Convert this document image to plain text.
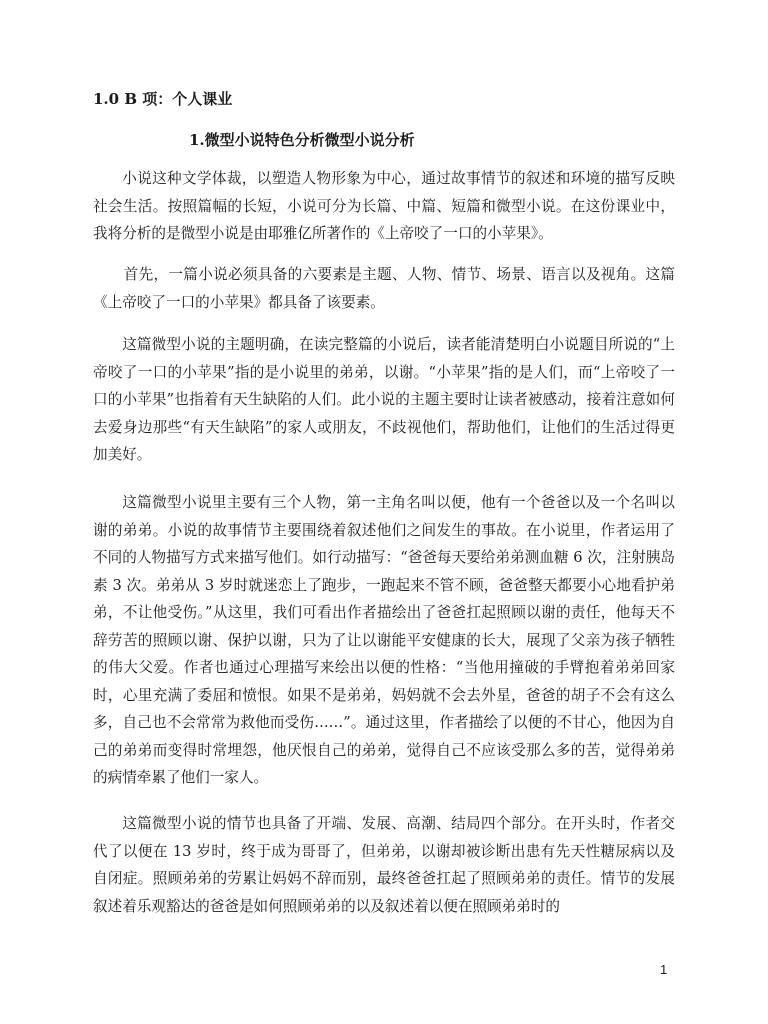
1.0 B 项：个人课业
1.微型小说特色分析微型小说分析

小说这种文学体裁，以塑造人物形象为中心，通过故事情节的叙述和环境的描写反映社会生活。按照篇幅的长短，小说可分为长篇、中篇、短篇和微型小说。在这份课业中，我将分析的是微型小说是由耶雅亿所著作的《上帝咬了一口的小苹果》。

首先，一篇小说必须具备的六要素是主题、人物、情节、场景、语言以及视角。这篇《上帝咬了一口的小苹果》都具备了该要素。

这篇微型小说的主题明确，在读完整篇的小说后，读者能清楚明白小说题目所说的“上帝咬了一口的小苹果”指的是小说里的弟弟，以谢。“小苹果”指的是人们，而“上帝咬了一口的小苹果”也指着有天生缺陷的人们。此小说的主题主要时让读者被感动，接着注意如何去爱身边那些“有天生缺陷”的家人或朋友，不歧视他们，帮助他们，让他们的生活过得更加美好。

这篇微型小说里主要有三个人物，第一主角名叫以便，他有一个爸爸以及一个名叫以谢的弟弟。小说的故事情节主要围绕着叙述他们之间发生的事故。在小说里，作者运用了不同的人物描写方式来描写他们。如行动描写：“爸爸每天要给弟弟测血糖 6 次，注射胰岛素 3 次。弟弟从 3 岁时就迷恋上了跑步，一跑起来不管不顾，爸爸整天都要小心地看护弟弟，不让他受伤。”从这里，我们可看出作者描绘出了爸爸扛起照顾以谢的责任，他每天不辞劳苦的照顾以谢、保护以谢，只为了让以谢能平安健康的长大，展现了父亲为孩子牺牲的伟大父爱。作者也通过心理描写来绘出以便的性格：“当他用撞破的手臂抱着弟弟回家时，心里充满了委屈和愤恨。如果不是弟弟，妈妈就不会去外星，爸爸的胡子不会有这么多，自己也不会常常为救他而受伤……”。通过这里，作者描绘了以便的不甘心，他因为自己的弟弟而变得时常埋怨，他厌恨自己的弟弟，觉得自己不应该受那么多的苦，觉得弟弟的病情牵累了他们一家人。

这篇微型小说的情节也具备了开端、发展、高潮、结局四个部分。在开头时，作者交代了以便在 13 岁时，终于成为哥哥了，但弟弟，以谢却被诊断出患有先天性糖尿病以及自闭症。照顾弟弟的劳累让妈妈不辞而别，最终爸爸扛起了照顾弟弟的责任。情节的发展叙述着乐观豁达的爸爸是如何照顾弟弟的以及叙述着以便在照顾弟弟时的

1
